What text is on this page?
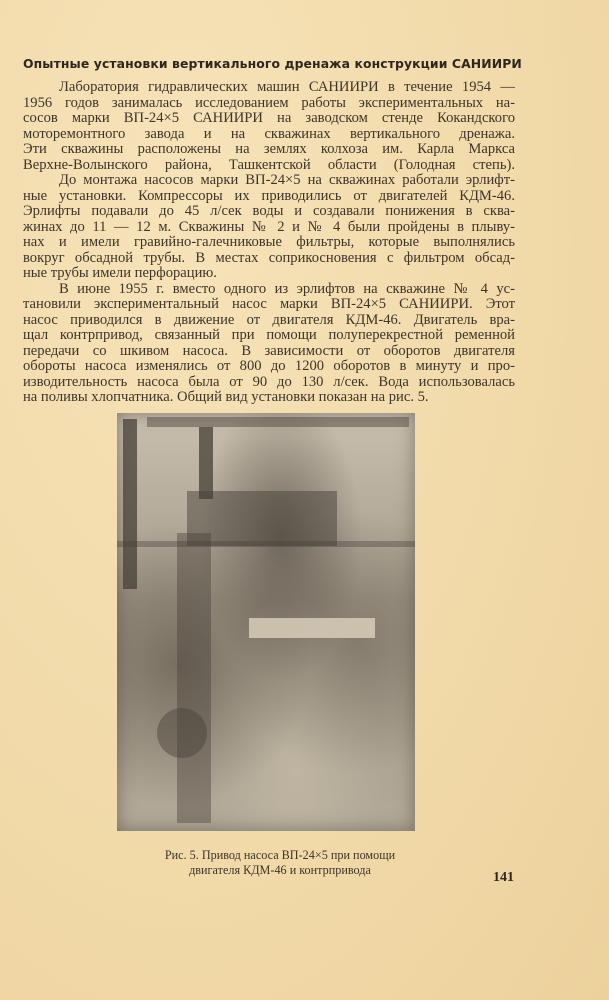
Опытные установки вертикального дренажа конструкции САНИИРИ
Лаборатория гидравлических машин САНИИРИ в течение 1954 —
1956 годов занималась исследованием работы экспериментальных на-
сосов марки ВП-24×5 САНИИРИ на заводском стенде Кокандского
моторемонтного завода и на скважинах вертикального дренажа.
Эти скважины расположены на землях колхоза им. Карла Маркса
Верхне-Волынского района, Ташкентской области (Голодная степь).
До монтажа насосов марки ВП-24×5 на скважинах работали эрлифт-
ные установки. Компрессоры их приводились от двигателей КДМ-46.
Эрлифты подавали до 45 л/сек воды и создавали понижения в сква-
жинах до 11 — 12 м. Скважины № 2 и № 4 были пройдены в плыву-
нах и имели гравийно-галечниковые фильтры, которые выполнялись
вокруг обсадной трубы. В местах соприкосновения с фильтром обсад-
ные трубы имели перфорацию.
В июне 1955 г. вместо одного из эрлифтов на скважине № 4 ус-
тановили экспериментальный насос марки ВП-24×5 САНИИРИ. Этот
насос приводился в движение от двигателя КДМ-46. Двигатель вра-
щал контрпривод, связанный при помощи полуперекрестной ременной
передачи со шкивом насоса. В зависимости от оборотов двигателя
обороты насоса изменялись от 800 до 1200 оборотов в минуту и про-
изводительность насоса была от 90 до 130 л/сек. Вода использовалась
на поливы хлопчатника. Общий вид установки показан на рис. 5.
Рис. 5. Привод насоса ВП-24×5 при помощи
двигателя КДМ-46 и контрпривода	141
